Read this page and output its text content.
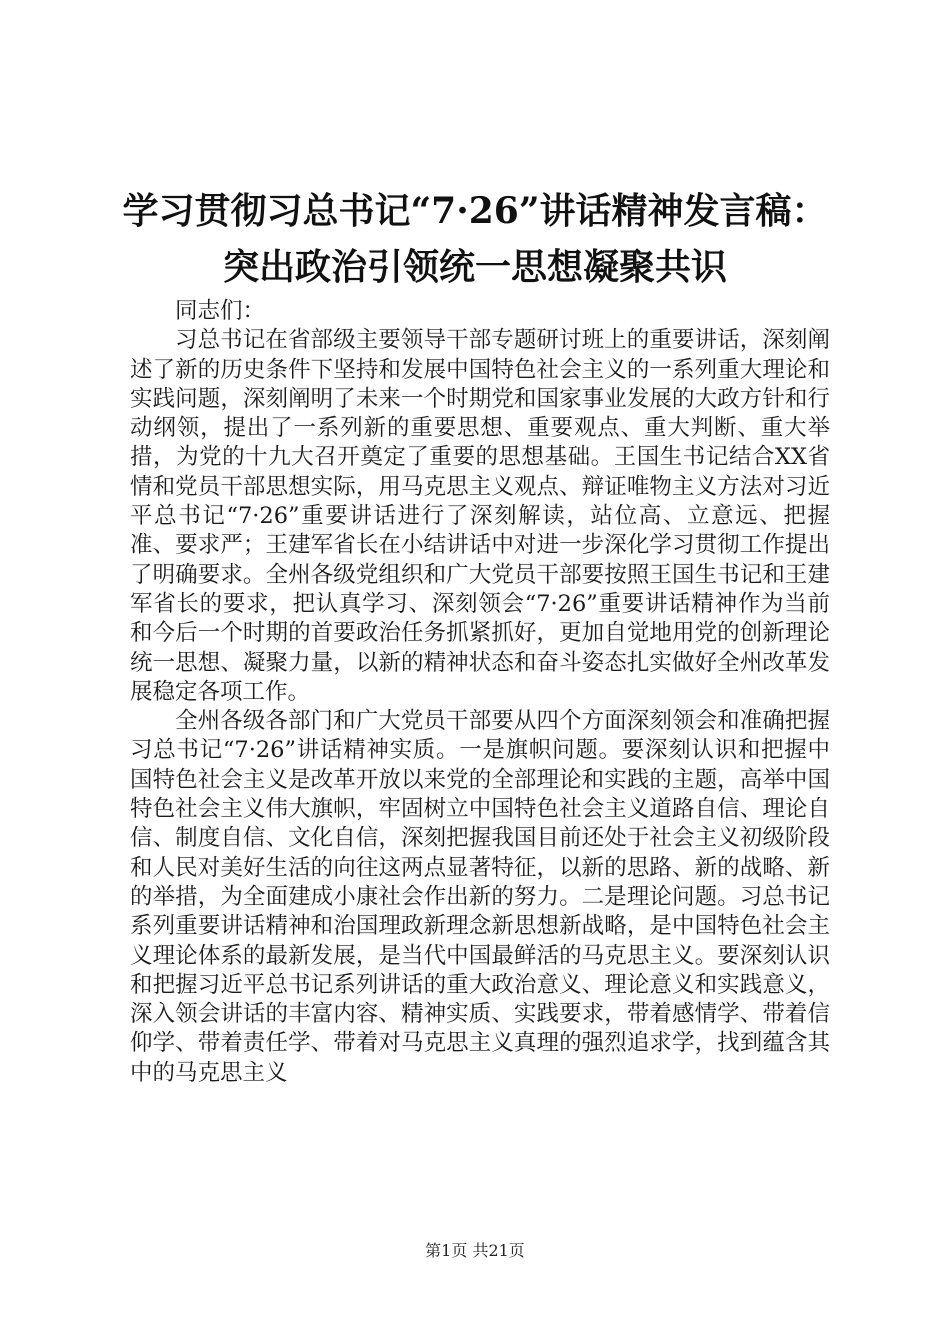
学习贯彻习总书记“7·26”讲话精神发言稿：
突出政治引领统一思想凝聚共识

同志们：

习总书记在省部级主要领导干部专题研讨班上的重要讲话，深刻阐述了新的历史条件下坚持和发展中国特色社会主义的一系列重大理论和实践问题，深刻阐明了未来一个时期党和国家事业发展的大政方针和行动纲领，提出了一系列新的重要思想、重要观点、重大判断、重大举措，为党的十九大召开奠定了重要的思想基础。王国生书记结合XX省情和党员干部思想实际，用马克思主义观点、辩证唯物主义方法对习近平总书记“7·26”重要讲话进行了深刻解读，站位高、立意远、把握准、要求严；王建军省长在小结讲话中对进一步深化学习贯彻工作提出了明确要求。全州各级党组织和广大党员干部要按照王国生书记和王建军省长的要求，把认真学习、深刻领会“7·26”重要讲话精神作为当前和今后一个时期的首要政治任务抓紧抓好，更加自觉地用党的创新理论统一思想、凝聚力量，以新的精神状态和奋斗姿态扎实做好全州改革发展稳定各项工作。

全州各级各部门和广大党员干部要从四个方面深刻领会和准确把握习总书记“7·26”讲话精神实质。一是旗帜问题。要深刻认识和把握中国特色社会主义是改革开放以来党的全部理论和实践的主题，高举中国特色社会主义伟大旗帜，牢固树立中国特色社会主义道路自信、理论自信、制度自信、文化自信，深刻把握我国目前还处于社会主义初级阶段和人民对美好生活的向往这两点显著特征，以新的思路、新的战略、新的举措，为全面建成小康社会作出新的努力。二是理论问题。习总书记系列重要讲话精神和治国理政新理念新思想新战略，是中国特色社会主义理论体系的最新发展，是当代中国最鲜活的马克思主义。要深刻认识和把握习近平总书记系列讲话的重大政治意义、理论意义和实践意义，深入领会讲话的丰富内容、精神实质、实践要求，带着感情学、带着信仰学、带着责任学、带着对马克思主义真理的强烈追求学，找到蕴含其中的马克思主义

第1页 共21页
